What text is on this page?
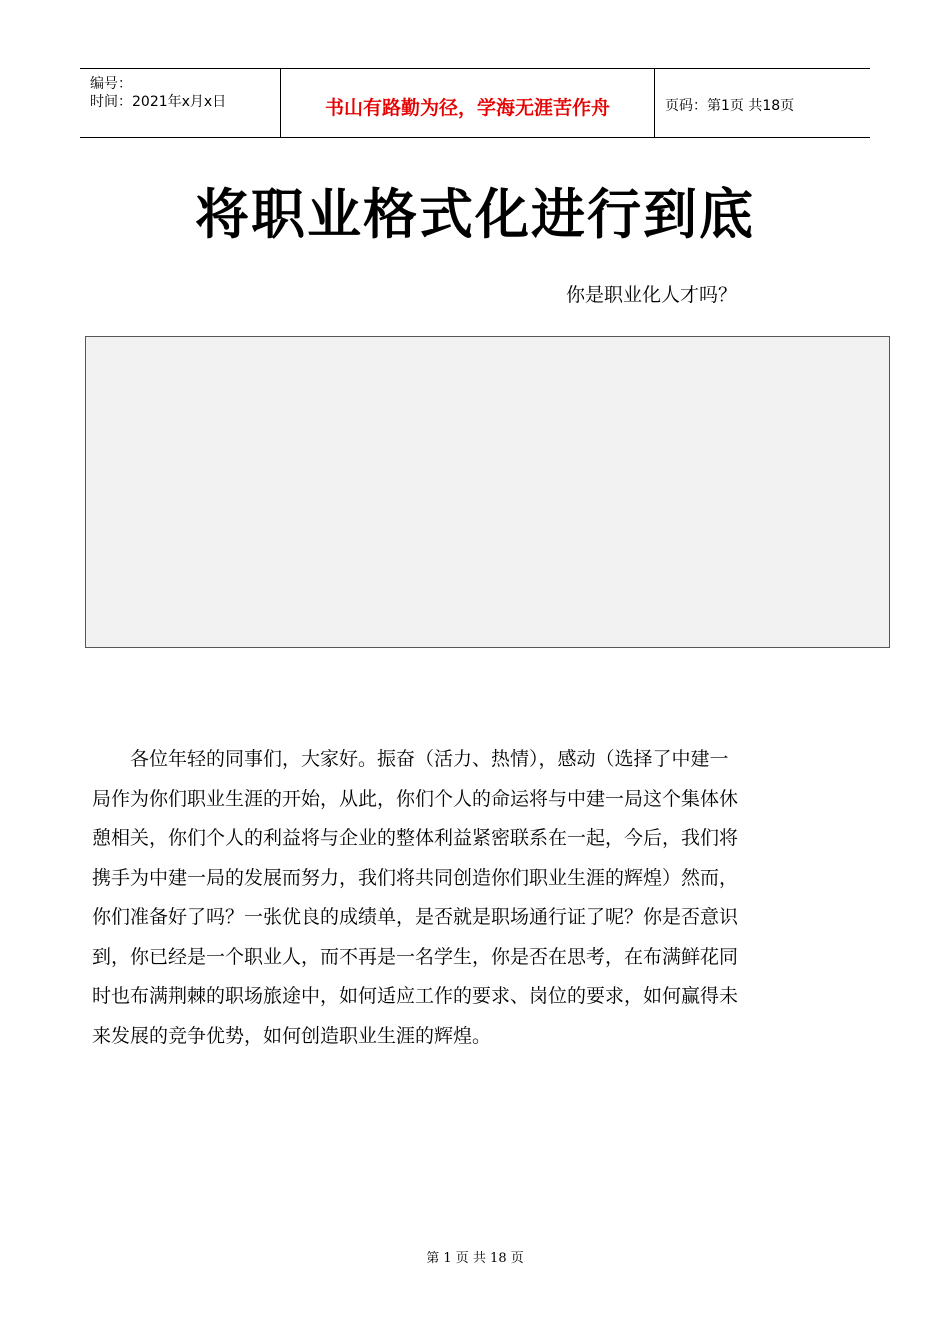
编号：
时间：2021年x月x日	书山有路勤为径，学海无涯苦作舟	页码：第1页 共18页
将职业格式化进行到底
你是职业化人才吗？
　　各位年轻的同事们，大家好。振奋（活力、热情），感动（选择了中建一
局作为你们职业生涯的开始，从此，你们个人的命运将与中建一局这个集体休
憩相关，你们个人的利益将与企业的整体利益紧密联系在一起，今后，我们将
携手为中建一局的发展而努力，我们将共同创造你们职业生涯的辉煌）然而，
你们准备好了吗？一张优良的成绩单，是否就是职场通行证了呢？你是否意识
到，你已经是一个职业人，而不再是一名学生，你是否在思考，在布满鲜花同
时也布满荆棘的职场旅途中，如何适应工作的要求、岗位的要求，如何赢得未
来发展的竞争优势，如何创造职业生涯的辉煌。
第 1 页 共 18 页
